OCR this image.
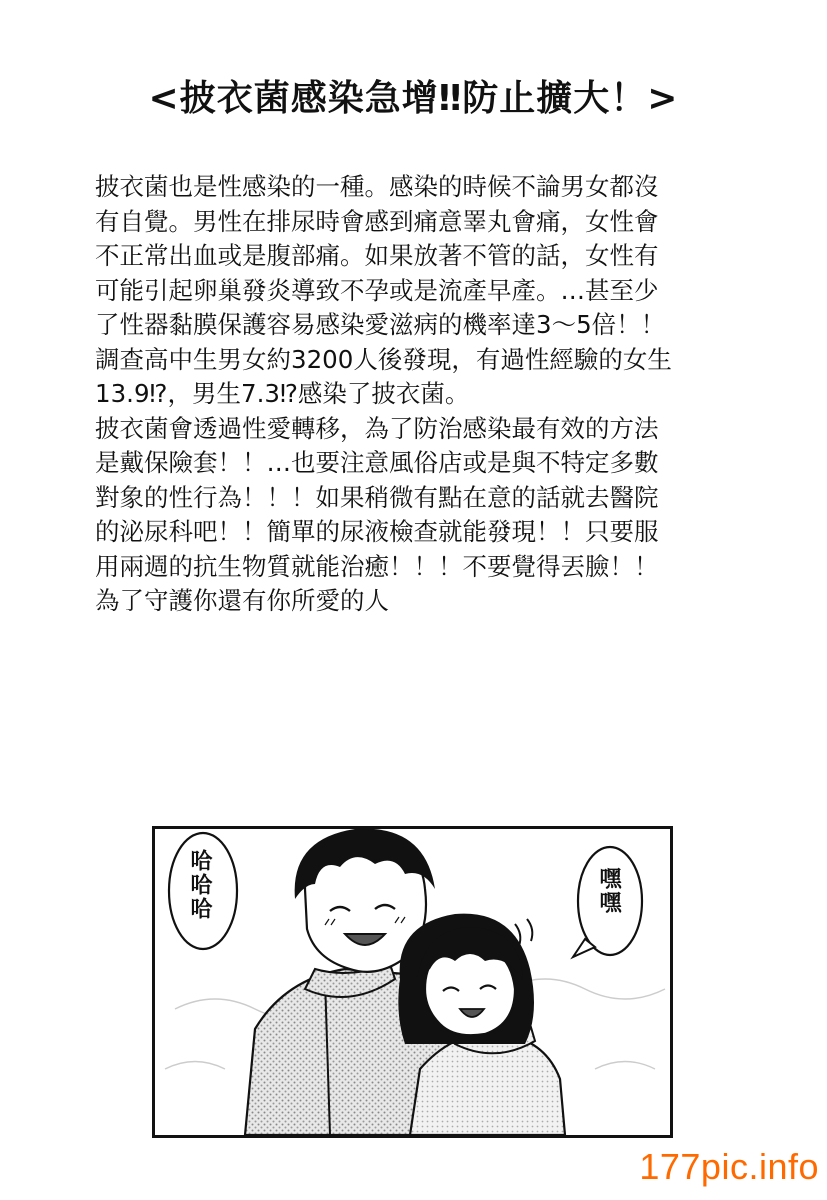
<披衣菌感染急增‼防止擴大！>
披衣菌也是性感染的一種。感染的時候不論男女都沒
有自覺。男性在排尿時會感到痛意睪丸會痛，女性會
不正常出血或是腹部痛。如果放著不管的話，女性有
可能引起卵巢發炎導致不孕或是流產早產。…甚至少
了性器黏膜保護容易感染愛滋病的機率達3～5倍！！
調查高中生男女約3200人後發現，有過性經驗的女生
13.9⁉，男生7.3⁉感染了披衣菌。
披衣菌會透過性愛轉移，為了防治感染最有效的方法
是戴保險套！！…也要注意風俗店或是與不特定多數
對象的性行為！！！如果稍微有點在意的話就去醫院
的泌尿科吧！！簡單的尿液檢查就能發現！！只要服
用兩週的抗生物質就能治癒！！！不要覺得丟臉！！
為了守護你還有你所愛的人
哈哈哈	嘿嘿
177pic.info
